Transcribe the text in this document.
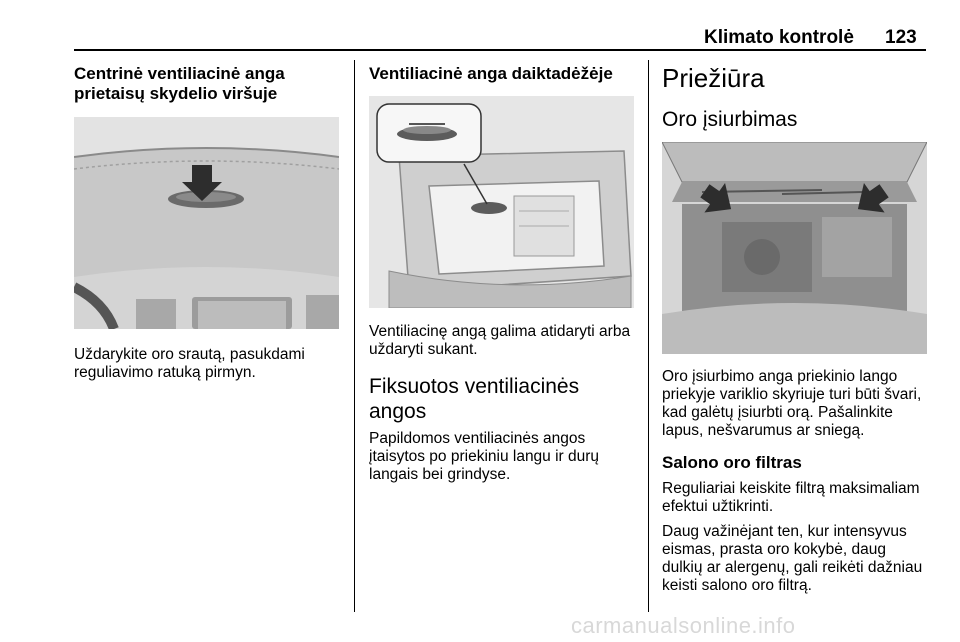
Klimato kontrolė 123
Centrinė ventiliacinė anga prietaisų skydelio viršuje

Uždarykite oro srautą, pasukdami reguliavimo ratuką pirmyn.

Ventiliacinė anga daiktadėžėje

Ventiliacinę angą galima atidaryti arba uždaryti sukant.

Fiksuotos ventiliacinės angos

Papildomos ventiliacinės angos įtaisytos po priekiniu langu ir durų langais bei grindyse.

Priežiūra
Oro įsiurbimas

Oro įsiurbimo anga priekinio lango priekyje variklio skyriuje turi būti švari, kad galėtų įsiurbti orą. Pašalinkite lapus, nešvarumus ar sniegą.

Salono oro filtras

Reguliariai keiskite filtrą maksimaliam efektui užtikrinti.

Daug važinėjant ten, kur intensyvus eismas, prasta oro kokybė, daug dulkių ar alergenų, gali reikėti dažniau keisti salono oro filtrą.

carmanualsonline.info
